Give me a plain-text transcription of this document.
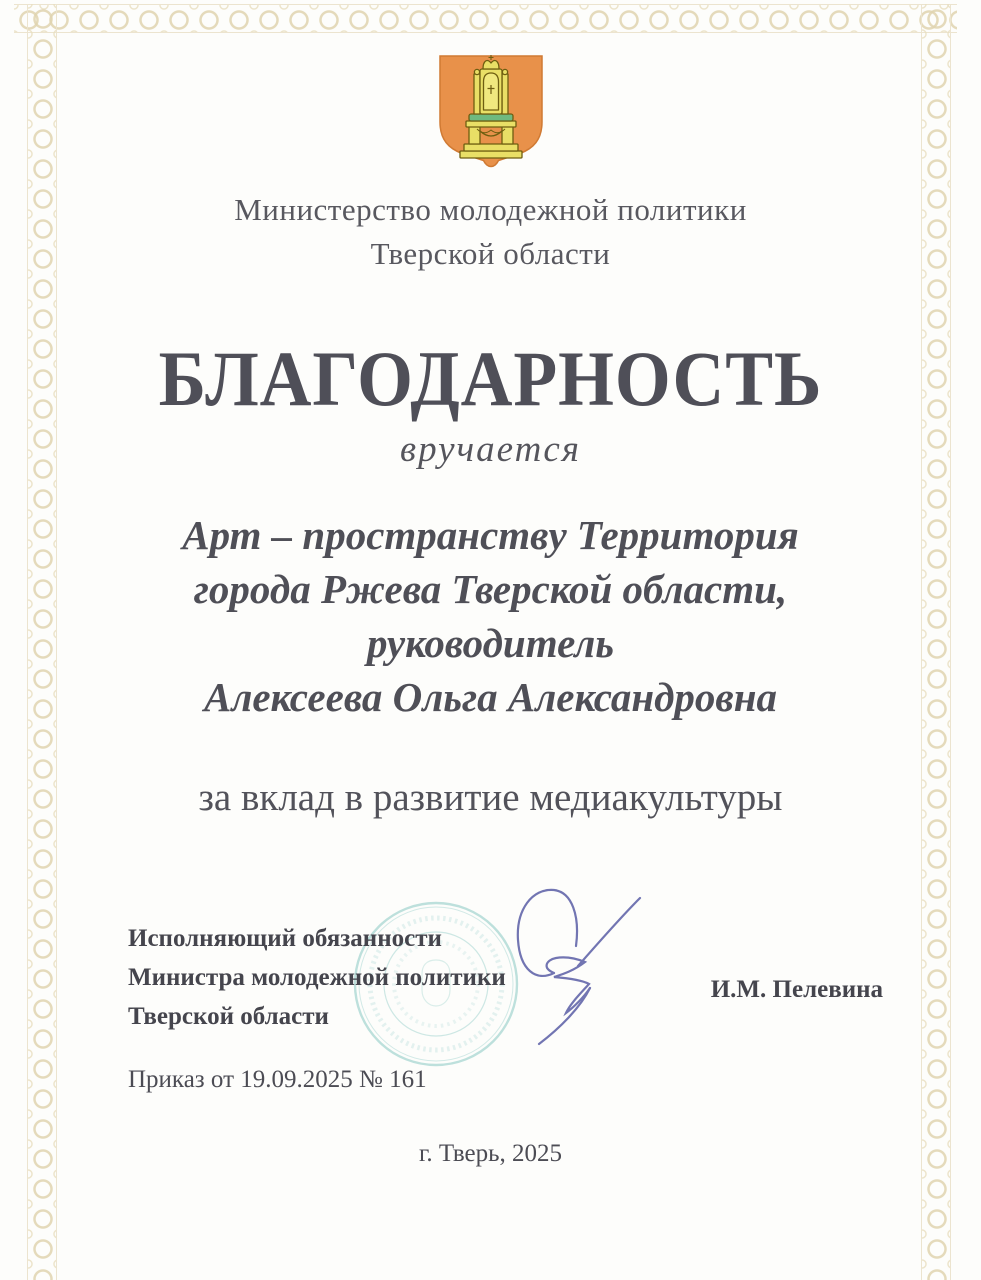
Министерство молодежной политики
Тверской области
БЛАГОДАРНОСТЬ
вручается
Арт – пространству Территория
города Ржева Тверской области,
руководитель
Алексеева Ольга Александровна
за вклад в развитие медиакультуры
Исполняющий обязанности
Министра молодежной политики
Тверской области
И.М. Пелевина
Приказ от 19.09.2025 № 161
г. Тверь, 2025
